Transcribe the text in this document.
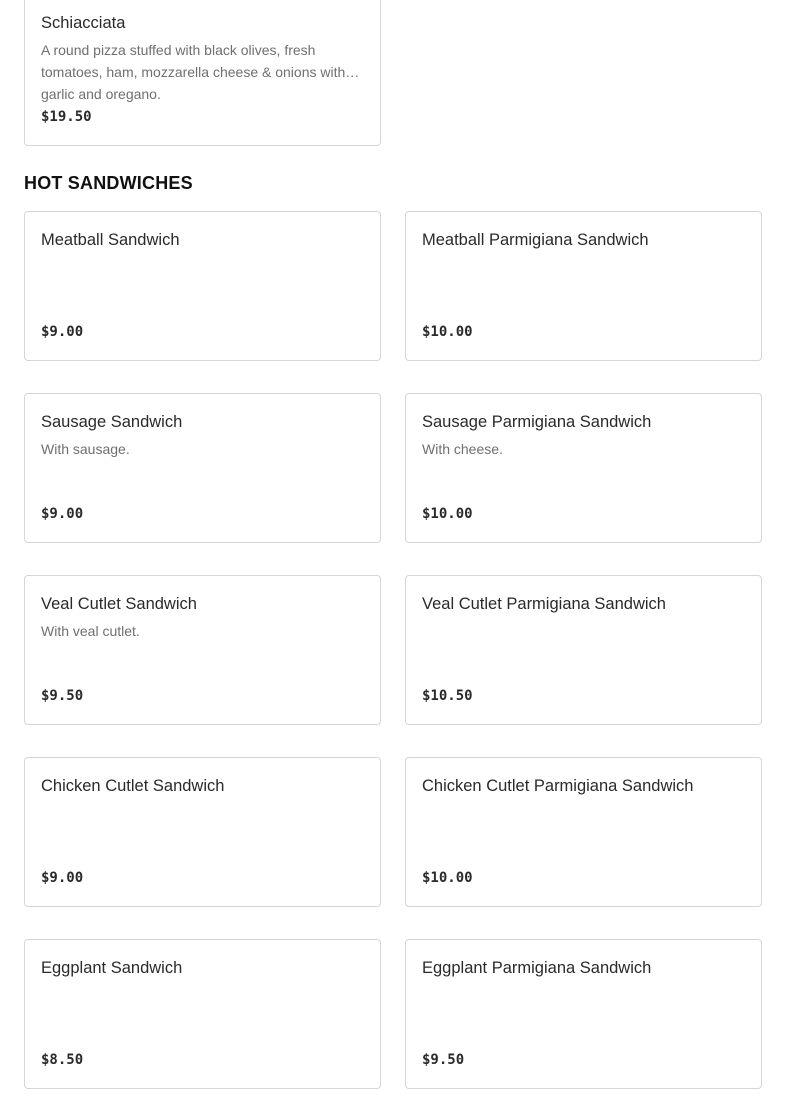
Schiacciata
A round pizza stuffed with black olives, fresh tomatoes, ham, mozzarella cheese & onions with garlic and oregano.
$19.50
HOT SANDWICHES
Meatball Sandwich
$9.00
Meatball Parmigiana Sandwich
$10.00
Sausage Sandwich
With sausage.
$9.00
Sausage Parmigiana Sandwich
With cheese.
$10.00
Veal Cutlet Sandwich
With veal cutlet.
$9.50
Veal Cutlet Parmigiana Sandwich
$10.50
Chicken Cutlet Sandwich
$9.00
Chicken Cutlet Parmigiana Sandwich
$10.00
Eggplant Sandwich
$8.50
Eggplant Parmigiana Sandwich
$9.50
